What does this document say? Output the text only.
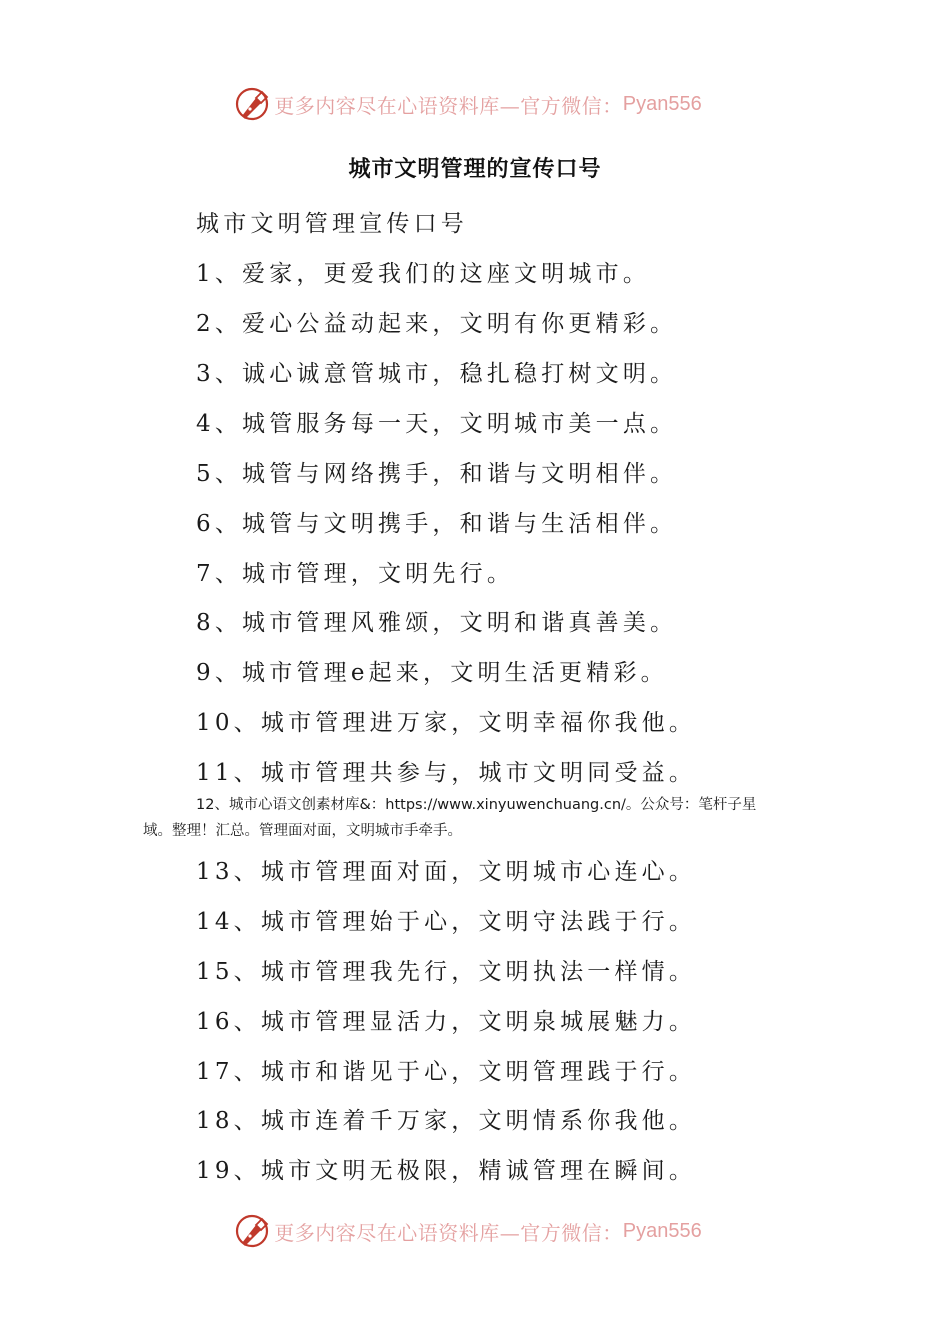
更多内容尽在心语资料库—官方微信： Pyan556
城市文明管理的宣传口号
城市文明管理宣传口号
1、爱家，更爱我们的这座文明城市。
2、爱心公益动起来，文明有你更精彩。
3、诚心诚意管城市，稳扎稳打树文明。
4、城管服务每一天，文明城市美一点。
5、城管与网络携手，和谐与文明相伴。
6、城管与文明携手，和谐与生活相伴。
7、城市管理，文明先行。
8、城市管理风雅颂，文明和谐真善美。
9、城市管理e起来，文明生活更精彩。
10、城市管理进万家，文明幸福你我他。
11、城市管理共参与，城市文明同受益。
12、城市心语文创素材库&：https://www.xinyuwenchuang.cn/。公众号：笔杆子星
域。整理！汇总。管理面对面，文明城市手牵手。
13、城市管理面对面，文明城市心连心。
14、城市管理始于心，文明守法践于行。
15、城市管理我先行，文明执法一样情。
16、城市管理显活力，文明泉城展魅力。
17、城市和谐见于心，文明管理践于行。
18、城市连着千万家，文明情系你我他。
19、城市文明无极限，精诚管理在瞬间。
更多内容尽在心语资料库—官方微信： Pyan556
